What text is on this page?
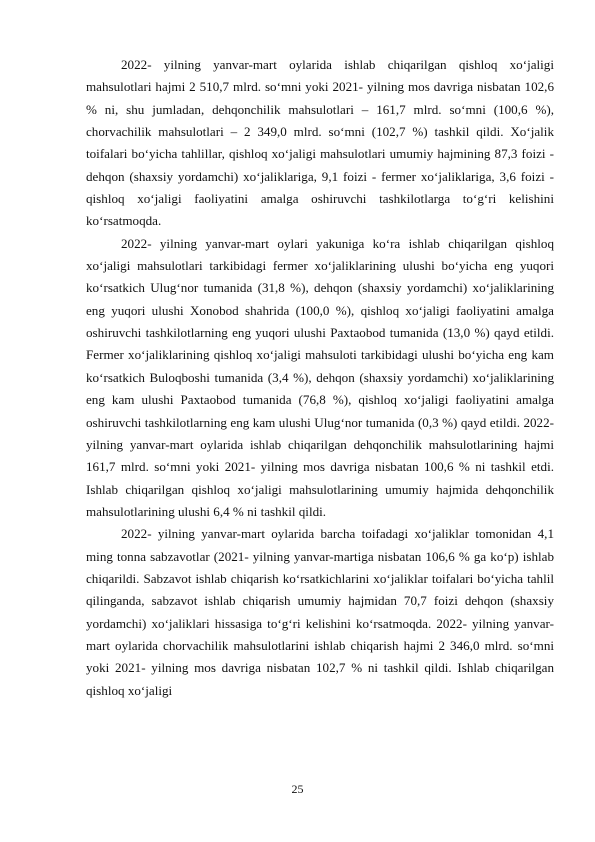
2022- yilning yanvar-mart oylarida ishlab chiqarilgan qishloq xo‘jaligi mahsulotlari hajmi 2 510,7 mlrd. so‘mni yoki 2021- yilning mos davriga nisbatan 102,6 % ni, shu jumladan, dehqonchilik mahsulotlari – 161,7 mlrd. so‘mni (100,6 %), chorvachilik mahsulotlari – 2 349,0 mlrd. so‘mni (102,7 %) tashkil qildi. Xo‘jalik toifalari bo‘yicha tahlillar, qishloq xo‘jaligi mahsulotlari umumiy hajmining 87,3 foizi - dehqon (shaxsiy yordamchi) xo‘jaliklariga, 9,1 foizi - fermer xo‘jaliklariga, 3,6 foizi - qishloq xo‘jaligi faoliyatini amalga oshiruvchi tashkilotlarga to‘g‘ri kelishini ko‘rsatmoqda.

2022- yilning yanvar-mart oylari yakuniga ko‘ra ishlab chiqarilgan qishloq xo‘jaligi mahsulotlari tarkibidagi fermer xo‘jaliklarining ulushi bo‘yicha eng yuqori ko‘rsatkich Ulug‘nor tumanida (31,8 %), dehqon (shaxsiy yordamchi) xo‘jaliklarining eng yuqori ulushi Xonobod shahrida (100,0 %), qishloq xo‘jaligi faoliyatini amalga oshiruvchi tashkilotlarning eng yuqori ulushi Paxtaobod tumanida (13,0 %) qayd etildi. Fermer xo‘jaliklarining qishloq xo‘jaligi mahsuloti tarkibidagi ulushi bo‘yicha eng kam ko‘rsatkich Buloqboshi tumanida (3,4 %), dehqon (shaxsiy yordamchi) xo‘jaliklarining eng kam ulushi Paxtaobod tumanida (76,8 %), qishloq xo‘jaligi faoliyatini amalga oshiruvchi tashkilotlarning eng kam ulushi Ulug‘nor tumanida (0,3 %) qayd etildi. 2022- yilning yanvar-mart oylarida ishlab chiqarilgan dehqonchilik mahsulotlarining hajmi 161,7 mlrd. so‘mni yoki 2021- yilning mos davriga nisbatan 100,6 % ni tashkil etdi. Ishlab chiqarilgan qishloq xo‘jaligi mahsulotlarining umumiy hajmida dehqonchilik mahsulotlarining ulushi 6,4 % ni tashkil qildi.

2022- yilning yanvar-mart oylarida barcha toifadagi xo‘jaliklar tomonidan 4,1 ming tonna sabzavotlar (2021- yilning yanvar-martiga nisbatan 106,6 % ga ko‘p) ishlab chiqarildi. Sabzavot ishlab chiqarish ko‘rsatkichlarini xo‘jaliklar toifalari bo‘yicha tahlil qilinganda, sabzavot ishlab chiqarish umumiy hajmidan 70,7 foizi dehqon (shaxsiy yordamchi) xo‘jaliklari hissasiga to‘g‘ri kelishini ko‘rsatmoqda. 2022- yilning yanvar-mart oylarida chorvachilik mahsulotlarini ishlab chiqarish hajmi 2 346,0 mlrd. so‘mni yoki 2021- yilning mos davriga nisbatan 102,7 % ni tashkil qildi. Ishlab chiqarilgan qishloq xo‘jaligi

25
